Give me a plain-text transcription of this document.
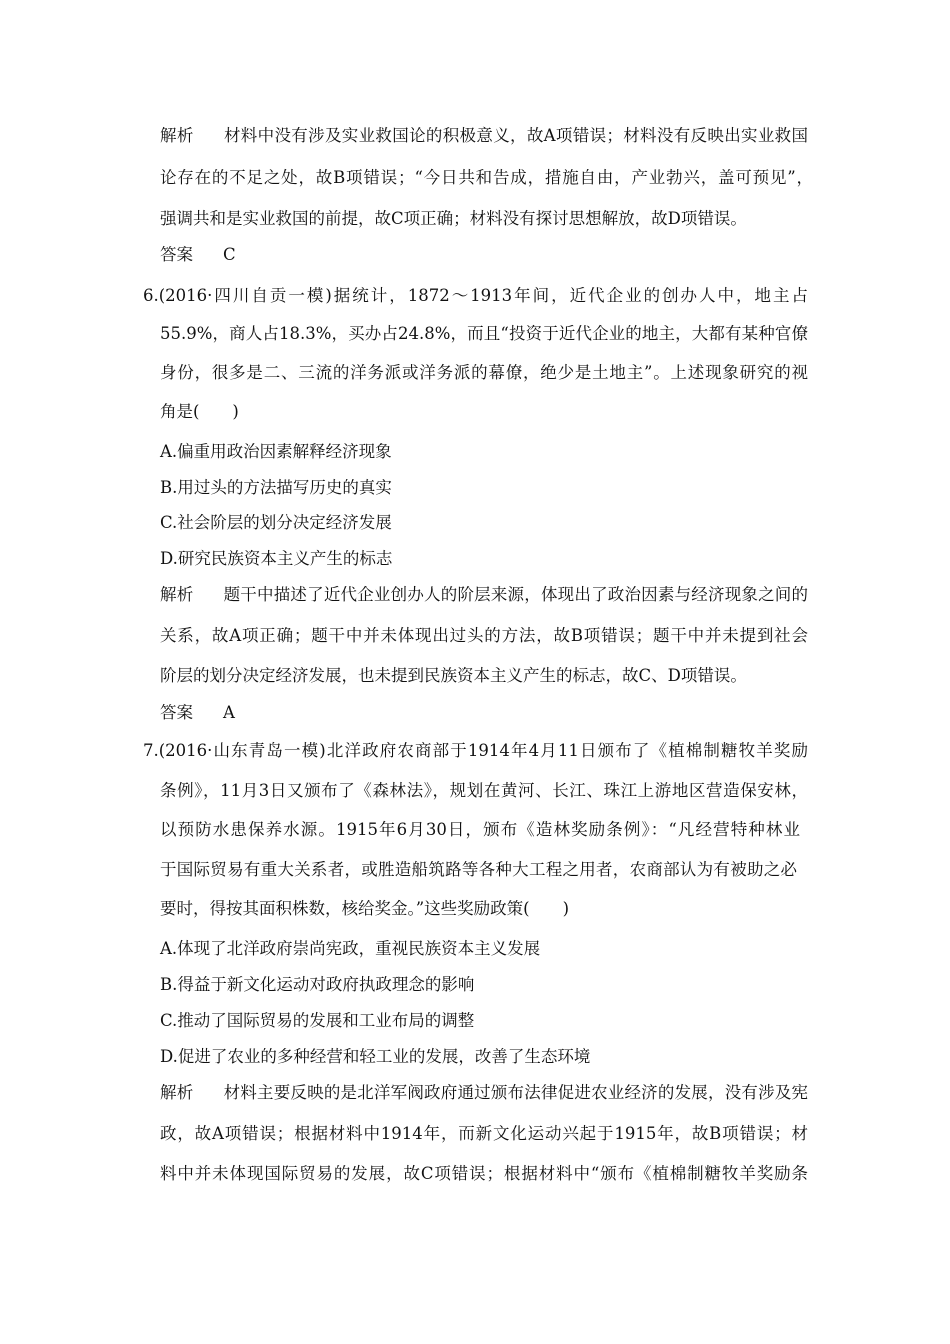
解析 材料中没有涉及实业救国论的积极意义，故A项错误；材料没有反映出实业救国
论存在的不足之处，故B项错误；“今日共和告成，措施自由，产业勃兴，盖可预见”，
强调共和是实业救国的前提，故C项正确；材料没有探讨思想解放，故D项错误。
答案 C
6.(2016·四川自贡一模)据统计，1872～1913年间，近代企业的创办人中，地主占
55.9%，商人占18.3%，买办占24.8%，而且“投资于近代企业的地主，大都有某种官僚
身份，很多是二、三流的洋务派或洋务派的幕僚，绝少是土地主”。上述现象研究的视
角是(　　)
A.偏重用政治因素解释经济现象
B.用过头的方法描写历史的真实
C.社会阶层的划分决定经济发展
D.研究民族资本主义产生的标志
解析 题干中描述了近代企业创办人的阶层来源，体现出了政治因素与经济现象之间的
关系，故A项正确；题干中并未体现出过头的方法，故B项错误；题干中并未提到社会
阶层的划分决定经济发展，也未提到民族资本主义产生的标志，故C、D项错误。
答案 A
7.(2016·山东青岛一模)北洋政府农商部于1914年4月11日颁布了《植棉制糖牧羊奖励
条例》，11月3日又颁布了《森林法》，规划在黄河、长江、珠江上游地区营造保安林，
以预防水患保养水源。1915年6月30日，颁布《造林奖励条例》：“凡经营特种林业
于国际贸易有重大关系者，或胜造船筑路等各种大工程之用者，农商部认为有被助之必
要时，得按其面积株数，核给奖金。”这些奖励政策(　　)
A.体现了北洋政府崇尚宪政，重视民族资本主义发展
B.得益于新文化运动对政府执政理念的影响
C.推动了国际贸易的发展和工业布局的调整
D.促进了农业的多种经营和轻工业的发展，改善了生态环境
解析 材料主要反映的是北洋军阀政府通过颁布法律促进农业经济的发展，没有涉及宪
政，故A项错误；根据材料中1914年，而新文化运动兴起于1915年，故B项错误；材
料中并未体现国际贸易的发展，故C项错误；根据材料中“颁布《植棉制糖牧羊奖励条
